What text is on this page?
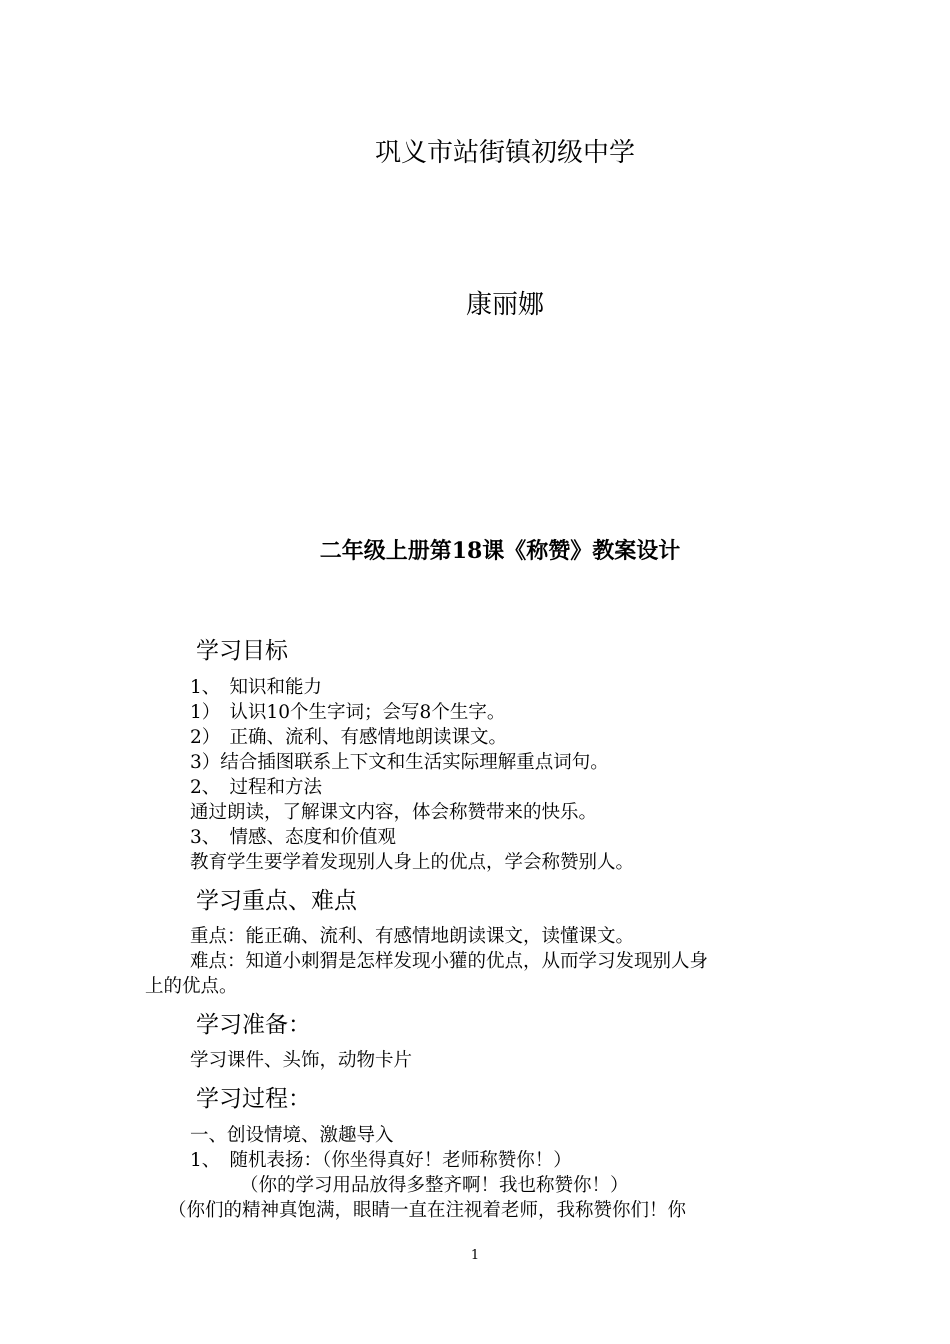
巩义市站街镇初级中学
康丽娜
二年级上册第18课《称赞》教案设计
学习目标
1、　知识和能力
1）　认识10个生字词；会写8个生字。
2）　正确、流利、有感情地朗读课文。
3）结合插图联系上下文和生活实际理解重点词句。
2、　过程和方法
通过朗读，了解课文内容，体会称赞带来的快乐。
3、　情感、态度和价值观
教育学生要学着发现别人身上的优点，学会称赞别人。
学习重点、难点
重点：能正确、流利、有感情地朗读课文，读懂课文。
难点：知道小刺猬是怎样发现小獾的优点，从而学习发现别人身
上的优点。
学习准备：
学习课件、头饰，动物卡片
学习过程：
一、创设情境、激趣导入
1、　随机表扬：（你坐得真好！老师称赞你！）
（你的学习用品放得多整齐啊！我也称赞你！）
（你们的精神真饱满，眼睛一直在注视着老师，我称赞你们！你
1
